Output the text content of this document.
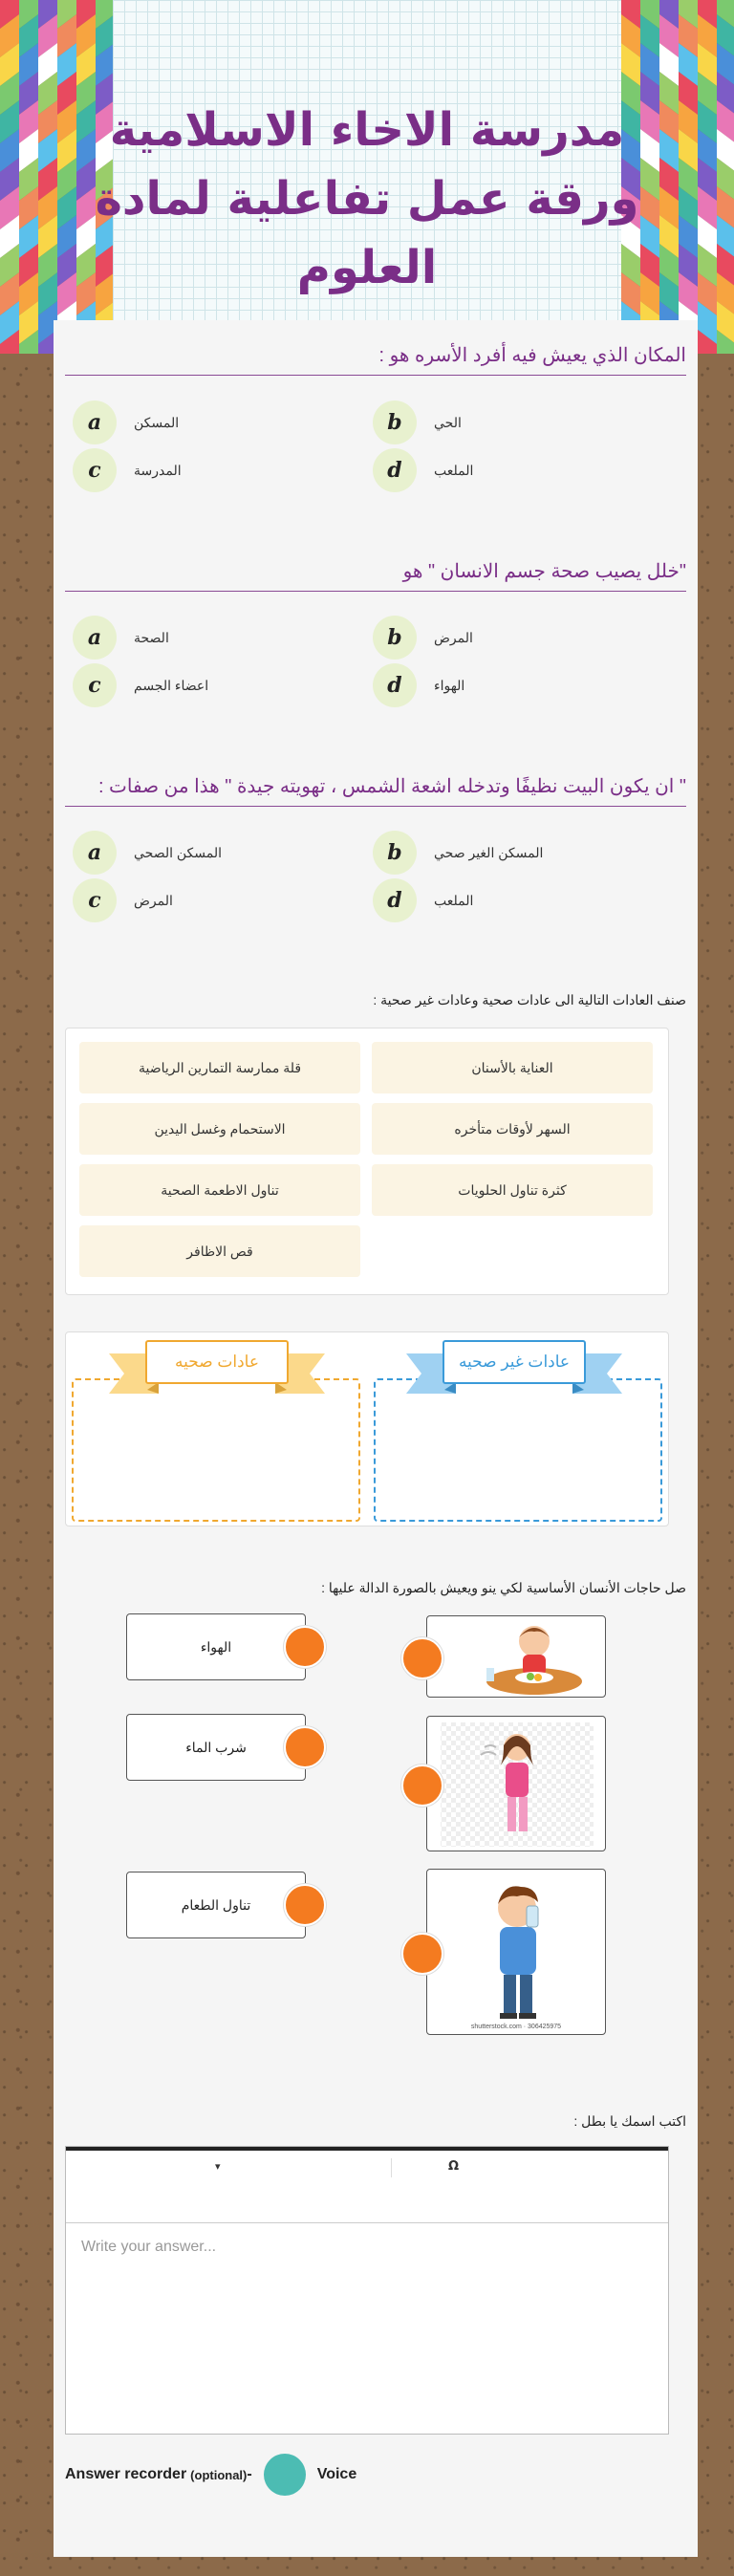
مدرسة الاخاء الاسلامية ورقة عمل تفاعلية لمادة العلوم
المكان الذي يعيش فيه أفرد الأسره هو :
a	المسكن	b	الحي
c	المدرسة	d	الملعب
"خلل يصيب صحة جسم الانسان " هو
a	الصحة	b	المرض
c	اعضاء الجسم	d	الهواء
" ان يكون البيت نظيفًا وتدخله اشعة الشمس ، تهويته جيدة " هذا من صفات :
a	المسكن الصحي	b	المسكن الغير صحي
c	المرض	d	الملعب
صنف العادات التالية الى عادات صحية وعادات غير صحية :
العناية بالأسنان
قلة ممارسة التمارين الرياضية
السهر لأوقات متأخره
الاستحمام وغسل اليدين
كثرة تناول الحلويات
تناول الاطعمة الصحية
قص الاظافر
عادات صحيه	عادات غير صحيه
صل حاجات الأنسان الأساسية لكي ينو ويعيش بالصورة الدالة عليها :
الهواء
شرب الماء
تناول الطعام
shutterstock.com · 306425975
اكتب اسمك يا بطل :
▾	Ω
Write your answer...
Answer recorder (optional) -	Voice
